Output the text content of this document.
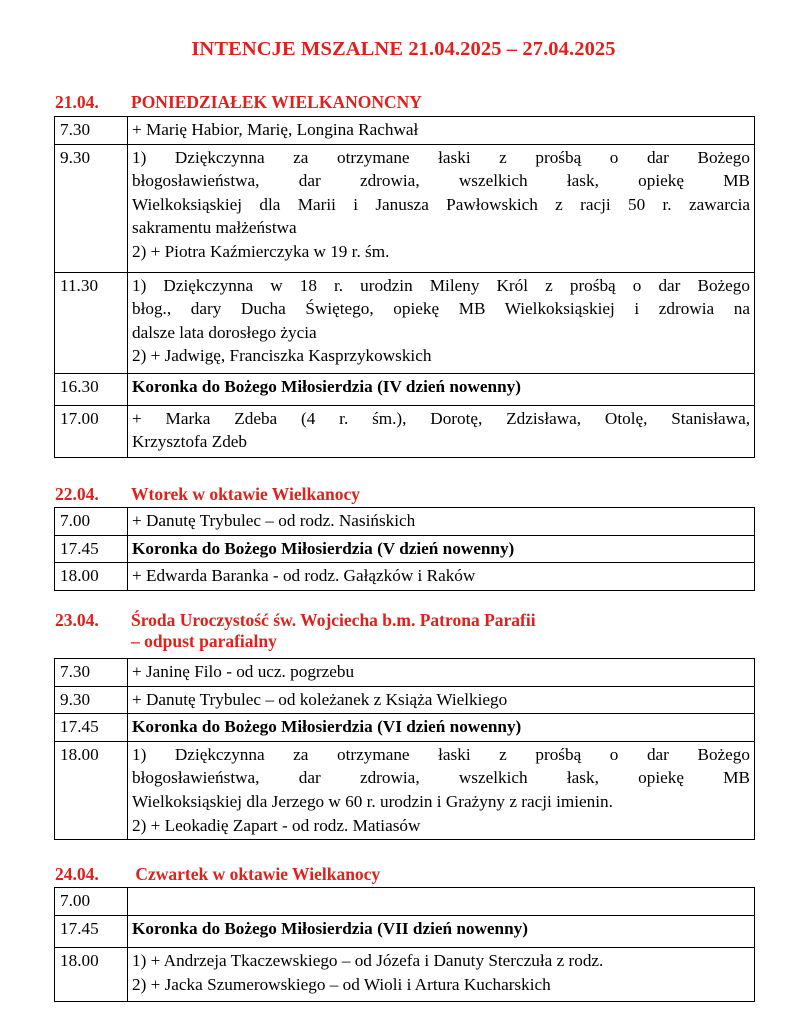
INTENCJE MSZALNE 21.04.2025 – 27.04.2025
21.04. PONIEDZIAŁEK WIELKANONCNY
7.30	+ Marię Habior, Marię, Longina Rachwał

9.30	1) Dziękczynna za otrzymane łaski z prośbą o dar Bożego
błogosławieństwa, dar zdrowia, wszelkich łask, opiekę MB
Wielkoksiąskiej dla Marii i Janusza Pawłowskich z racji 50 r. zawarcia
sakramentu małżeństwa
2) + Piotra Kaźmierczyka w 19 r. śm.

11.30	1) Dziękczynna w 18 r. urodzin Mileny Król z prośbą o dar Bożego
błog., dary Ducha Świętego, opiekę MB Wielkoksiąskiej i zdrowia na
dalsze lata dorosłego życia
2) + Jadwigę, Franciszka Kasprzykowskich

16.30	Koronka do Bożego Miłosierdzia (IV dzień nowenny)

17.00	+ Marka Zdeba (4 r. śm.), Dorotę, Zdzisława, Otolę, Stanisława,
Krzysztofa Zdeb
22.04. Wtorek w oktawie Wielkanocy
7.00	+ Danutę Trybulec – od rodz. Nasińskich

17.45	Koronka do Bożego Miłosierdzia (V dzień nowenny)

18.00	+ Edwarda Baranka - od rodz. Gałązków i Raków
23.04. Środa Uroczystość św. Wojciecha b.m. Patrona Parafii
– odpust parafialny
7.30	+ Janinę Filo - od ucz. pogrzebu

9.30	+ Danutę Trybulec – od koleżanek z Książa Wielkiego

17.45	Koronka do Bożego Miłosierdzia (VI dzień nowenny)

18.00	1) Dziękczynna za otrzymane łaski z prośbą o dar Bożego
błogosławieństwa, dar zdrowia, wszelkich łask, opiekę MB
Wielkoksiąskiej dla Jerzego w 60 r. urodzin i Grażyny z racji imienin.
2) + Leokadię Zapart - od rodz. Matiasów
24.04. Czwartek w oktawie Wielkanocy
7.00	

17.45	Koronka do Bożego Miłosierdzia (VII dzień nowenny)

18.00	1) + Andrzeja Tkaczewskiego – od Józefa i Danuty Sterczuła z rodz.
2) + Jacka Szumerowskiego – od Wioli i Artura Kucharskich
